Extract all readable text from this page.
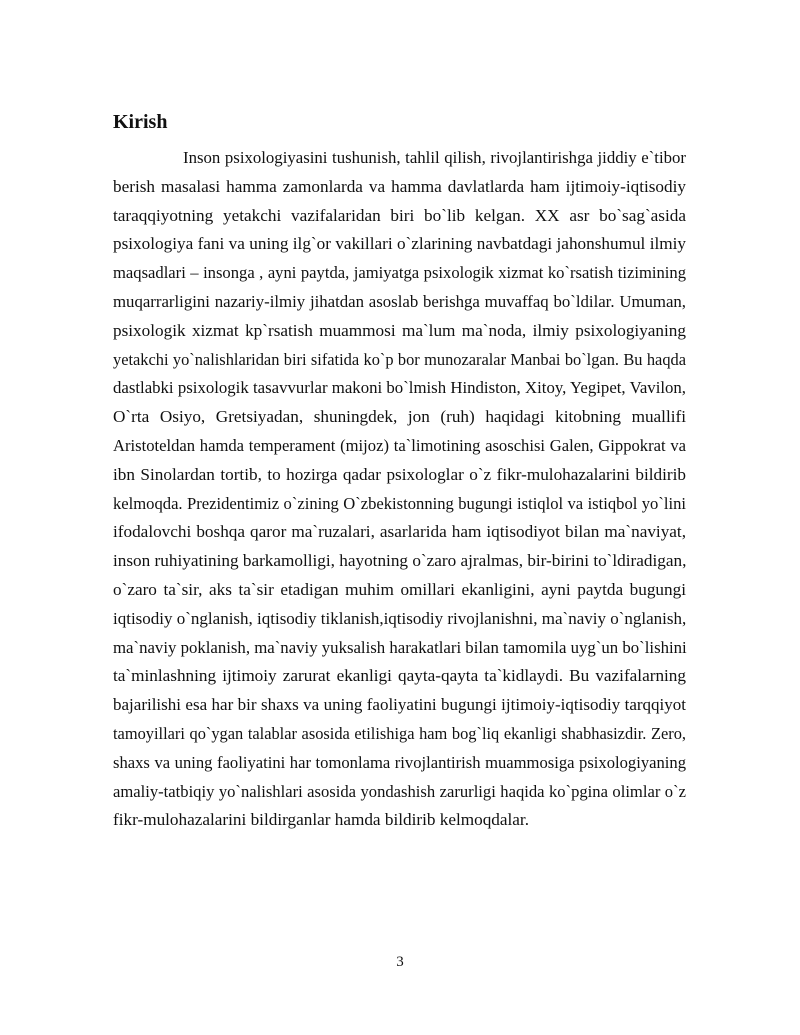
Kirish
Inson psixologiyasini tushunish, tahlil qilish, rivojlantirishga jiddiy e`tibor
berish masalasi hamma zamonlarda va hamma davlatlarda ham ijtimoiy-iqtisodiy
taraqqiyotning yetakchi vazifalaridan biri bo`lib kelgan. XX asr bo`sag`asida
psixologiya fani va uning ilg`or vakillari o`zlarining navbatdagi jahonshumul ilmiy
maqsadlari – insonga , ayni paytda, jamiyatga psixologik xizmat ko`rsatish tizimining
muqarrarligini nazariy-ilmiy jihatdan asoslab berishga muvaffaq bo`ldilar. Umuman,
psixologik xizmat kp`rsatish muammosi ma`lum ma`noda, ilmiy psixologiyaning
yetakchi yo`nalishlaridan biri sifatida ko`p bor munozaralar Manbai bo`lgan. Bu haqda
dastlabki psixologik tasavvurlar makoni bo`lmish Hindiston, Xitoy, Yegipet, Vavilon,
O`rta Osiyo, Gretsiyadan, shuningdek, jon (ruh) haqidagi kitobning muallifi
Aristoteldan hamda temperament (mijoz) ta`limotining asoschisi Galen, Gippokrat va
ibn Sinolardan tortib, to hozirga qadar psixologlar o`z fikr-mulohazalarini bildirib
kelmoqda. Prezidentimiz o`zining O`zbekistonning bugungi istiqlol va istiqbol yo`lini
ifodalovchi boshqa qaror ma`ruzalari, asarlarida ham iqtisodiyot bilan ma`naviyat,
inson ruhiyatining barkamolligi, hayotning o`zaro ajralmas, bir-birini to`ldiradigan,
o`zaro ta`sir, aks ta`sir etadigan muhim omillari ekanligini, ayni paytda bugungi
iqtisodiy o`nglanish, iqtisodiy tiklanish,iqtisodiy rivojlanishni, ma`naviy o`nglanish,
ma`naviy poklanish, ma`naviy yuksalish harakatlari bilan tamomila uyg`un bo`lishini
ta`minlashning ijtimoiy zarurat ekanligi qayta-qayta ta`kidlaydi. Bu vazifalarning
bajarilishi esa har bir shaxs va uning faoliyatini bugungi ijtimoiy-iqtisodiy tarqqiyot
tamoyillari qo`ygan talablar asosida etilishiga ham bog`liq ekanligi shabhasizdir. Zero,
shaxs va uning faoliyatini har tomonlama rivojlantirish muammosiga psixologiyaning
amaliy-tatbiqiy yo`nalishlari asosida yondashish zarurligi haqida ko`pgina olimlar o`z
fikr-mulohazalarini bildirganlar hamda bildirib kelmoqdalar.
3
